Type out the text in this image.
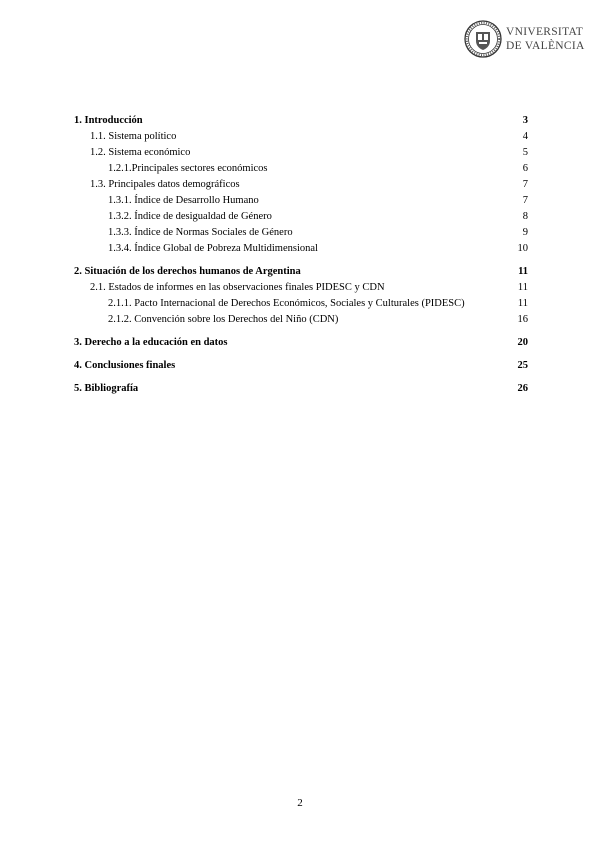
VNIVERSITAT
DE VALÈNCIA
1. Introducción	3
1.1. Sistema político	4
1.2. Sistema económico	5
1.2.1.Principales sectores económicos	6
1.3. Principales datos demográficos	7
1.3.1. Índice de Desarrollo Humano	7
1.3.2. Índice de desigualdad de Género	8
1.3.3. Índice de Normas Sociales de Género	9
1.3.4. Índice Global de Pobreza Multidimensional	10
2. Situación de los derechos humanos de Argentina	11
2.1. Estados de informes en las observaciones finales PIDESC y CDN	11
2.1.1. Pacto Internacional de Derechos Económicos, Sociales y Culturales (PIDESC)	11
2.1.2. Convención sobre los Derechos del Niño (CDN)	16
3. Derecho a la educación en datos	20
4. Conclusiones finales	25
5. Bibliografía	26
2
